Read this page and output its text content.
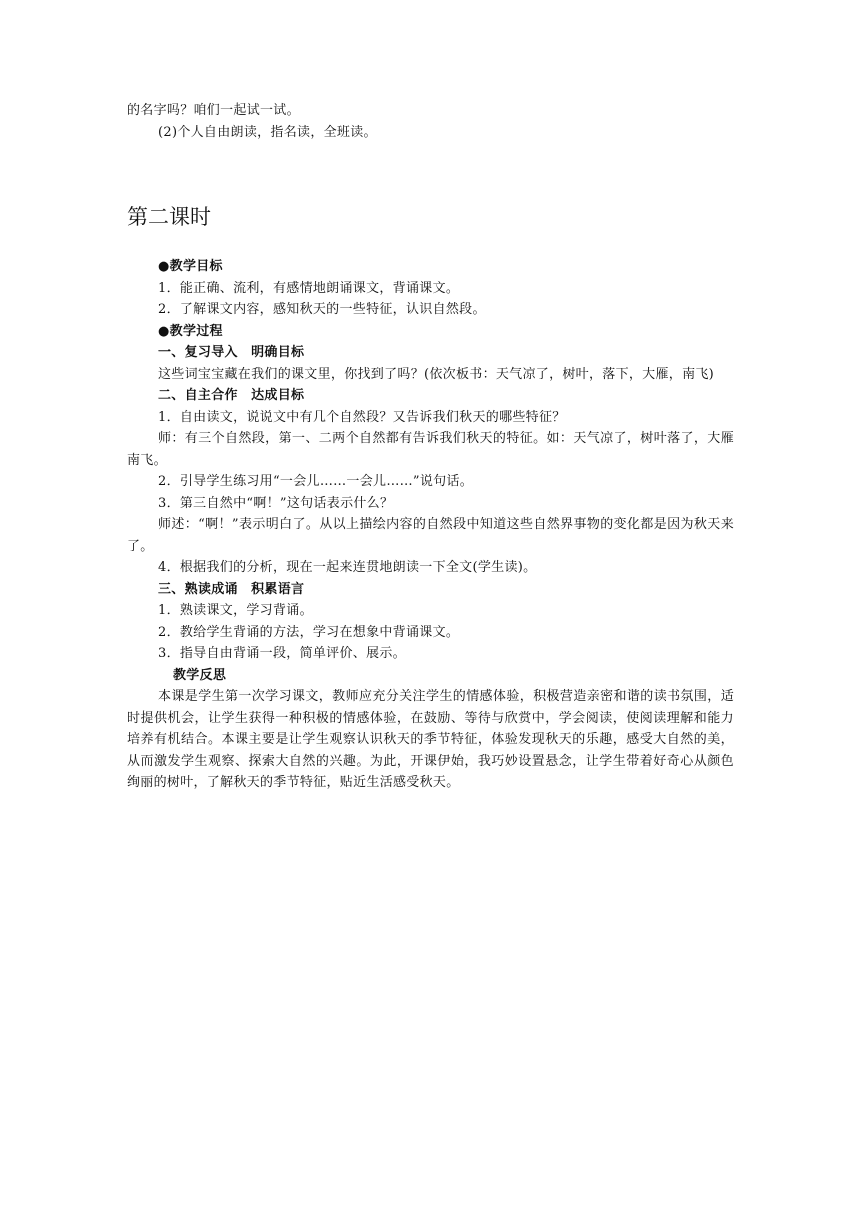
的名字吗？咱们一起试一试。

(2)个人自由朗读，指名读，全班读。

第二课时

●教学目标

1．能正确、流利，有感情地朗诵课文，背诵课文。

2．了解课文内容，感知秋天的一些特征，认识自然段。

●教学过程

一、复习导入　明确目标

这些词宝宝藏在我们的课文里，你找到了吗？(依次板书：天气凉了，树叶，落下，大雁，南飞)

二、自主合作　达成目标

1．自由读文，说说文中有几个自然段？又告诉我们秋天的哪些特征？

师：有三个自然段，第一、二两个自然都有告诉我们秋天的特征。如：天气凉了，树叶落了，大雁南飞。

2．引导学生练习用“一会儿……一会儿……”说句话。

3．第三自然中“啊！”这句话表示什么？

师述：“啊！”表示明白了。从以上描绘内容的自然段中知道这些自然界事物的变化都是因为秋天来了。

4．根据我们的分析，现在一起来连贯地朗读一下全文(学生读)。

三、熟读成诵　积累语言

1．熟读课文，学习背诵。

2．教给学生背诵的方法，学习在想象中背诵课文。

3．指导自由背诵一段，简单评价、展示。

教学反思

本课是学生第一次学习课文，教师应充分关注学生的情感体验，积极营造亲密和谐的读书氛围，适时提供机会，让学生获得一种积极的情感体验，在鼓励、等待与欣赏中，学会阅读，使阅读理解和能力培养有机结合。本课主要是让学生观察认识秋天的季节特征，体验发现秋天的乐趣，感受大自然的美，从而激发学生观察、探索大自然的兴趣。为此，开课伊始，我巧妙设置悬念，让学生带着好奇心从颜色绚丽的树叶，了解秋天的季节特征，贴近生活感受秋天。
